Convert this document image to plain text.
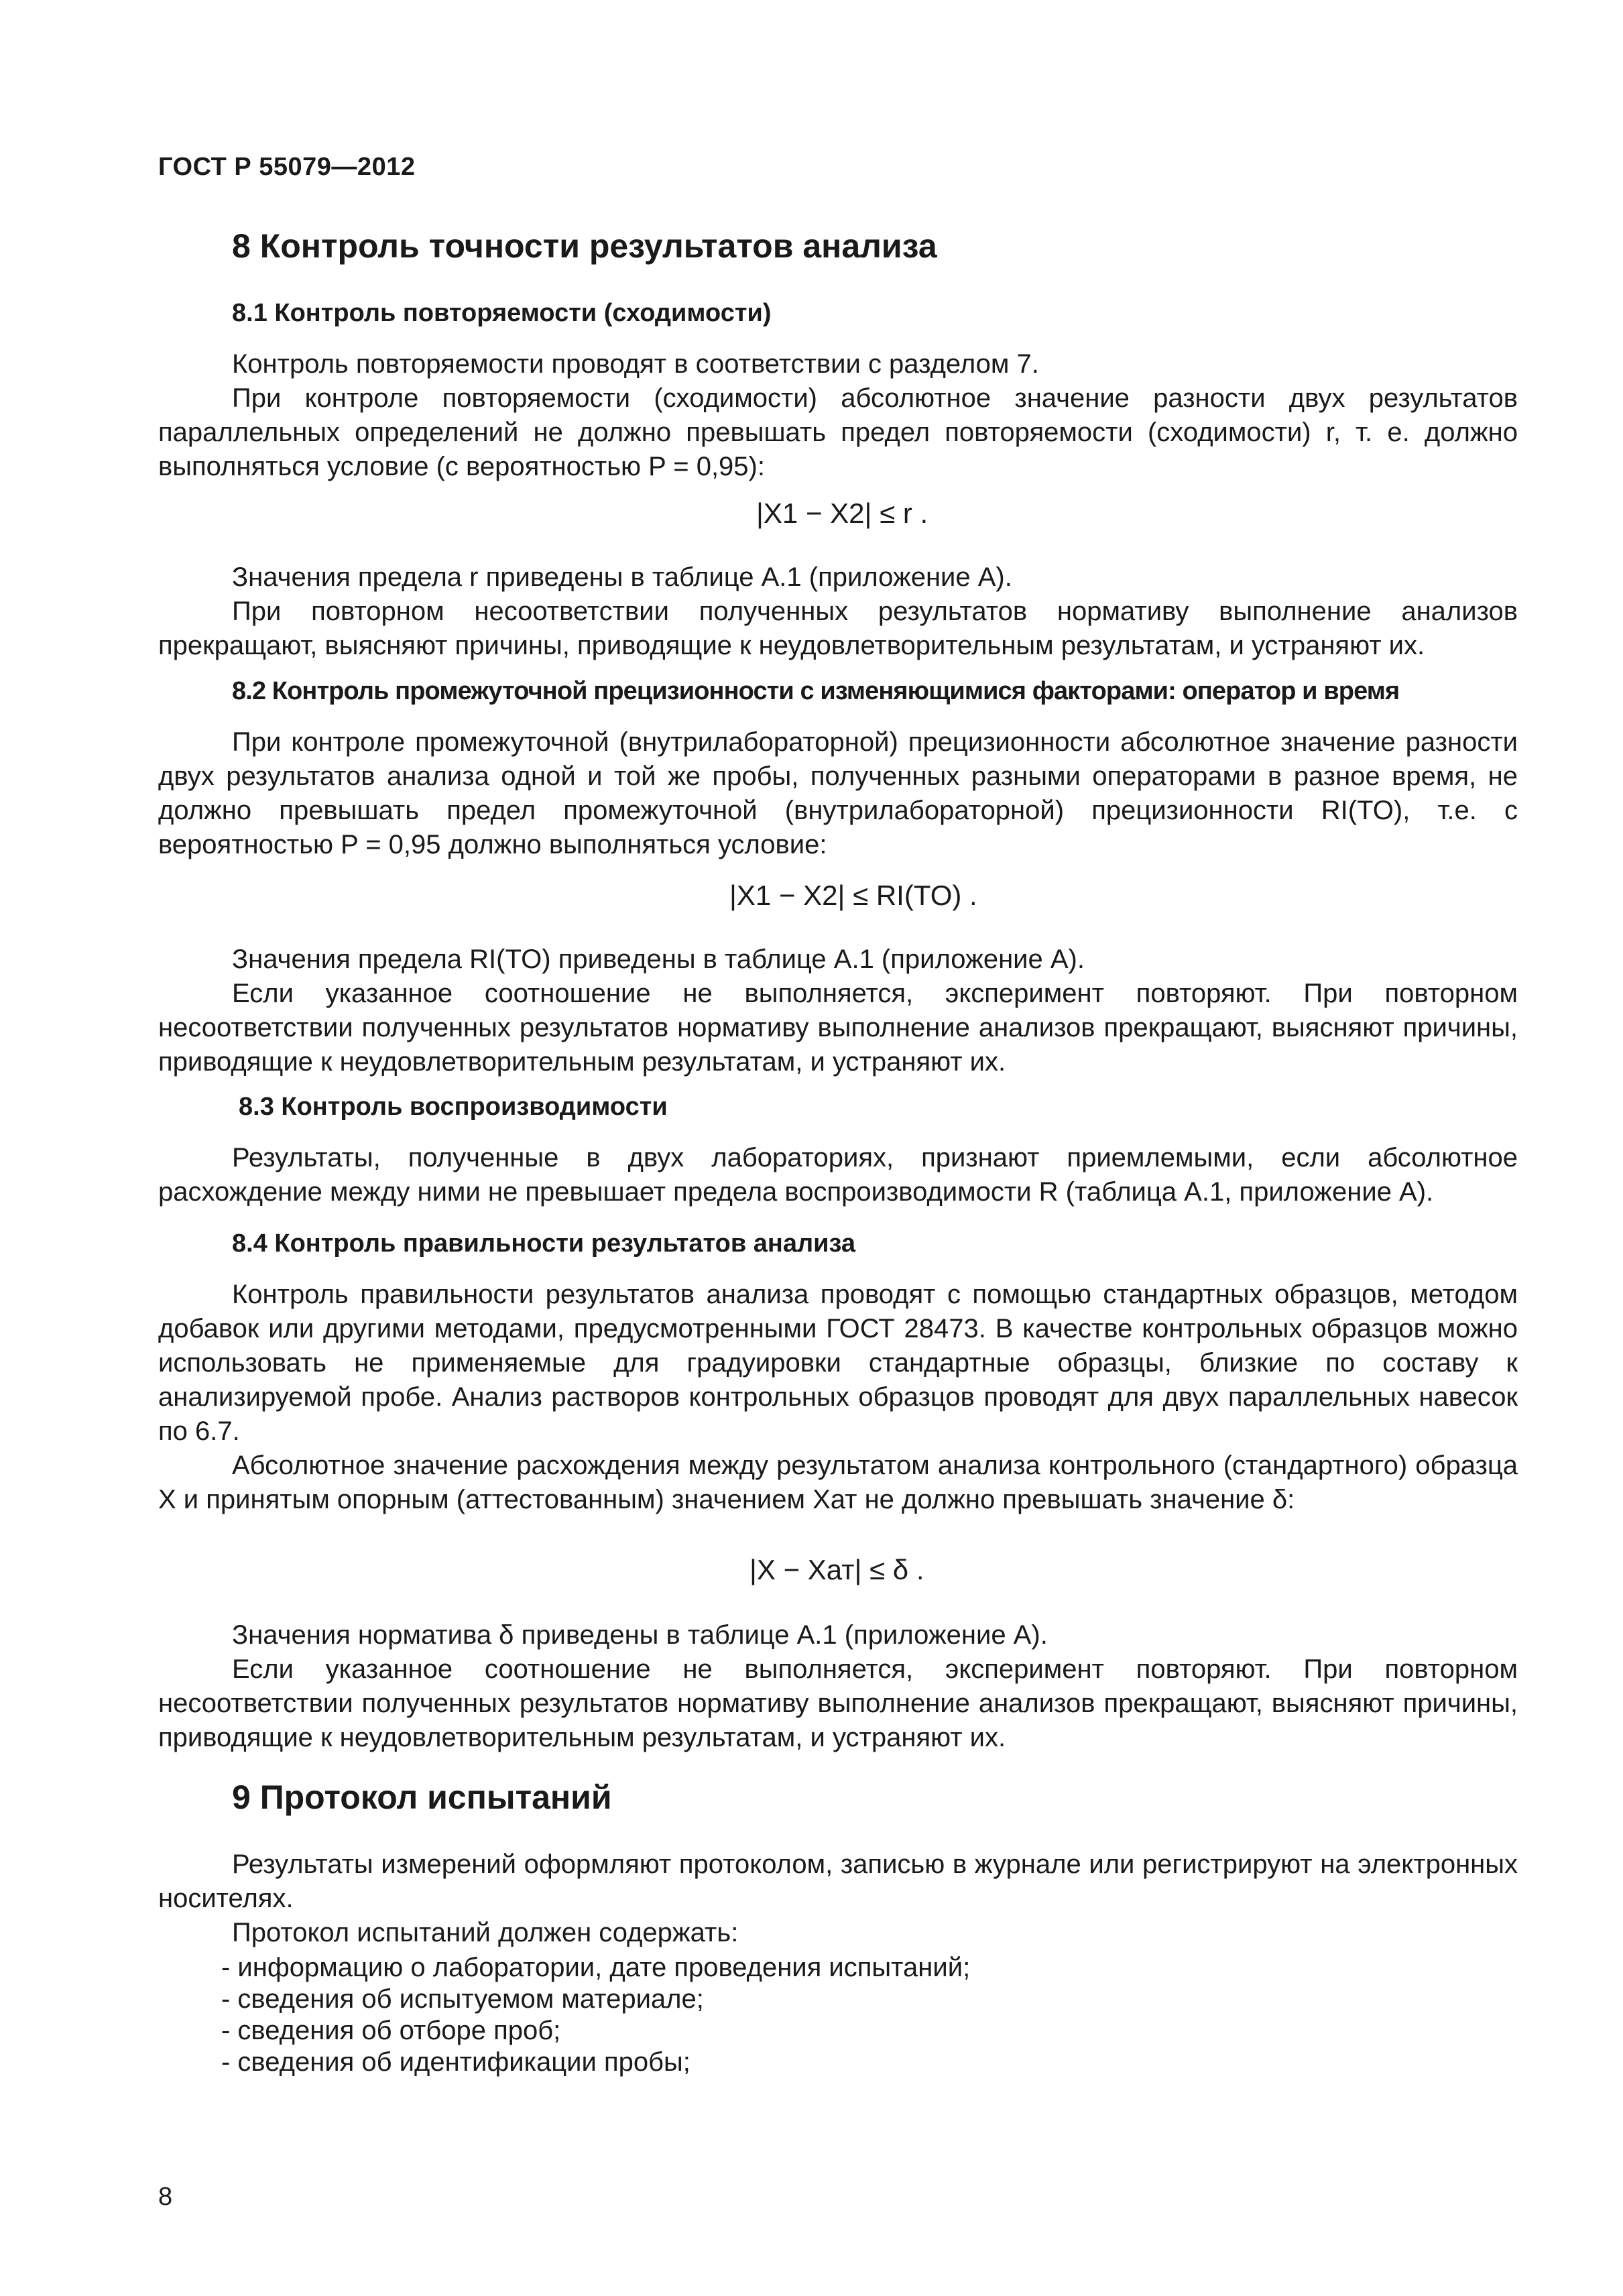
ГОСТ Р 55079—2012
8 Контроль точности результатов анализа
8.1 Контроль повторяемости (сходимости)

Контроль повторяемости проводят в соответствии с разделом 7.

При контроле повторяемости (сходимости) абсолютное значение разности двух результатов параллельных определений не должно превышать предел повторяемости (сходимости) r, т. е. должно выполняться условие (с вероятностью P = 0,95):

|X1 − X2| ≤ r .

Значения предела r приведены в таблице А.1 (приложение А).

При повторном несоответствии полученных результатов нормативу выполнение анализов прекращают, выясняют причины, приводящие к неудовлетворительным результатам, и устраняют их.

8.2 Контроль промежуточной прецизионности с изменяющимися факторами: оператор и время

При контроле промежуточной (внутрилабораторной) прецизионности абсолютное значение разности двух результатов анализа одной и той же пробы, полученных разными операторами в разное время, не должно превышать предел промежуточной (внутрилабораторной) прецизионности RI(TO), т.е. с вероятностью P = 0,95 должно выполняться условие:

|X1 − X2| ≤ RI(TO) .

Значения предела RI(TO) приведены в таблице А.1 (приложение А).

Если указанное соотношение не выполняется, эксперимент повторяют. При повторном несоответствии полученных результатов нормативу выполнение анализов прекращают, выясняют причины, приводящие к неудовлетворительным результатам, и устраняют их.

8.3 Контроль воспроизводимости

Результаты, полученные в двух лабораториях, признают приемлемыми, если абсолютное расхождение между ними не превышает предела воспроизводимости R (таблица А.1, приложение А).

8.4 Контроль правильности результатов анализа

Контроль правильности результатов анализа проводят с помощью стандартных образцов, методом добавок или другими методами, предусмотренными ГОСТ 28473. В качестве контрольных образцов можно использовать не применяемые для градуировки стандартные образцы, близкие по составу к анализируемой пробе. Анализ растворов контрольных образцов проводят для двух параллельных навесок по 6.7.

Абсолютное значение расхождения между результатом анализа контрольного (стандартного) образца X и принятым опорным (аттестованным) значением Xат не должно превышать значение δ:

|X − Xат| ≤ δ .

Значения норматива δ приведены в таблице А.1 (приложение А).

Если указанное соотношение не выполняется, эксперимент повторяют. При повторном несоответствии полученных результатов нормативу выполнение анализов прекращают, выясняют причины, приводящие к неудовлетворительным результатам, и устраняют их.

9 Протокол испытаний

Результаты измерений оформляют протоколом, записью в журнале или регистрируют на электронных носителях.

Протокол испытаний должен содержать:

- информацию о лаборатории, дате проведения испытаний;
- сведения об испытуемом материале;
- сведения об отборе проб;
- сведения об идентификации пробы;
8
